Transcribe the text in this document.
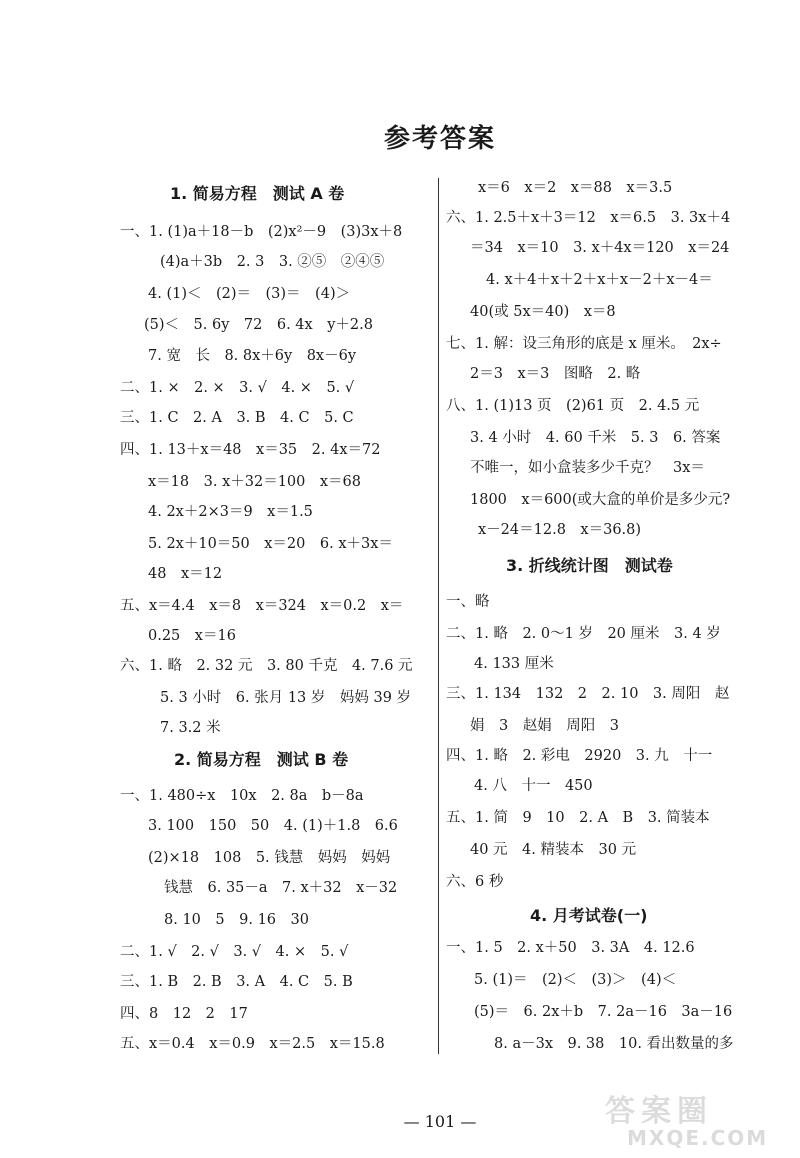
参考答案
1. 简易方程　测试 A 卷
一、1. (1)a＋18－b　(2)x²－9　(3)3x＋8
(4)a＋3b　2. 3　3. ②⑤　②④⑤
4. (1)＜　(2)＝　(3)＝　(4)＞
(5)＜　5. 6y　72　6. 4x　y＋2.8
7. 宽　长　8. 8x＋6y　8x－6y
二、1. ×　2. ×　3. √　4. ×　5. √
三、1. C　2. A　3. B　4. C　5. C
四、1. 13＋x＝48　x＝35　2. 4x＝72
x＝18　3. x＋32＝100　x＝68
4. 2x＋2×3＝9　x＝1.5
5. 2x＋10＝50　x＝20　6. x＋3x＝
48　x＝12
五、x＝4.4　x＝8　x＝324　x＝0.2　x＝
0.25　x＝16
六、1. 略　2. 32 元　3. 80 千克　4. 7.6 元
5. 3 小时　6. 张月 13 岁　妈妈 39 岁
7. 3.2 米
2. 简易方程　测试 B 卷
一、1. 480÷x　10x　2. 8a　b－8a
3. 100　150　50　4. (1)＋1.8　6.6
(2)×18　108　5. 钱慧　妈妈　妈妈
钱慧　6. 35－a　7. x＋32　x－32
8. 10　5　9. 16　30
二、1. √　2. √　3. √　4. ×　5. √
三、1. B　2. B　3. A　4. C　5. B
四、8　12　2　17
五、x＝0.4　x＝0.9　x＝2.5　x＝15.8
x＝6　x＝2　x＝88　x＝3.5
六、1. 2.5＋x＋3＝12　x＝6.5　3. 3x＋4
＝34　x＝10　3. x＋4x＝120　x＝24
4. x＋4＋x＋2＋x＋x－2＋x－4＝
40(或 5x＝40)　x＝8
七、1. 解：设三角形的底是 x 厘米。　2x÷
2＝3　x＝3　图略　2. 略
八、1. (1)13 页　(2)61 页　2. 4.5 元
3. 4 小时　4. 60 千米　5. 3　6. 答案
不唯一，如小盒装多少千克？　3x＝
1800　x＝600(或大盒的单价是多少元?
x－24＝12.8　x＝36.8)
3. 折线统计图　测试卷
一、略
二、1. 略　2. 0～1 岁　20 厘米　3. 4 岁
4. 133 厘米
三、1. 134　132　2　2. 10　3. 周阳　赵
娟　3　赵娟　周阳　3
四、1. 略　2. 彩电　2920　3. 九　十一
4. 八　十一　450
五、1. 简　9　10　2. A　B　3. 简装本
40 元　4. 精装本　30 元
六、6 秒
4. 月考试卷(一)
一、1. 5　2. x＋50　3. 3A　4. 12.6
5. (1)＝　(2)＜　(3)＞　(4)＜
(5)＝　6. 2x＋b　7. 2a－16　3a－16
8. a－3x　9. 38　10. 看出数量的多
— 101 —	答案圈
MXQE.COM
